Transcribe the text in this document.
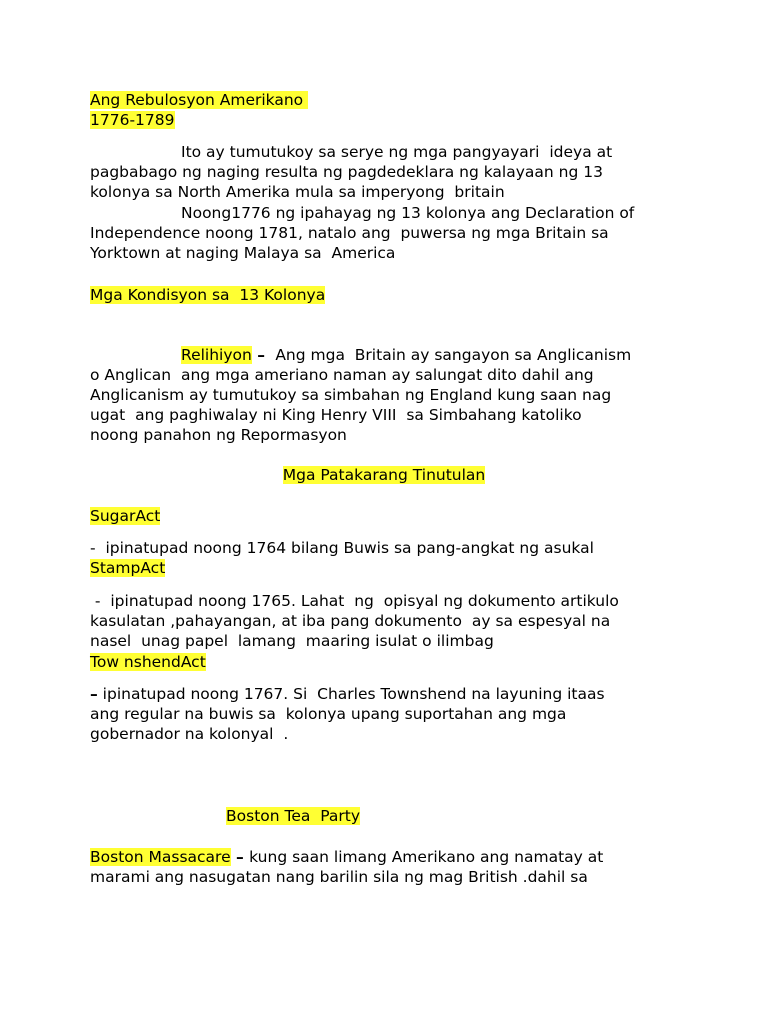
Ang Rebulosyon Amerikano
1776-1789
Ito ay tumutukoy sa serye ng mga pangyayari  ideya at
pagbabago ng naging resulta ng pagdedeklara ng kalayaan ng 13
kolonya sa North Amerika mula sa imperyong  britain
Noong1776 ng ipahayag ng 13 kolonya ang Declaration of
Independence noong 1781, natalo ang  puwersa ng mga Britain sa
Yorktown at naging Malaya sa  America
Mga Kondisyon sa  13 Kolonya
Relihiyon –  Ang mga  Britain ay sangayon sa Anglicanism
o Anglican  ang mga ameriano naman ay salungat dito dahil ang
Anglicanism ay tumutukoy sa simbahan ng England kung saan nag
ugat  ang paghiwalay ni King Henry VIII  sa Simbahang katoliko
noong panahon ng Repormasyon
Mga Patakarang Tinutulan
SugarAct
-  ipinatupad noong 1764 bilang Buwis sa pang-angkat ng asukal
StampAct
-  ipinatupad noong 1765. Lahat  ng  opisyal ng dokumento artikulo
kasulatan ,pahayangan, at iba pang dokumento  ay sa espesyal na
nasel  unag papel  lamang  maaring isulat o ilimbag
Tow nshendAct
– ipinatupad noong 1767. Si  Charles Townshend na layuning itaas
ang regular na buwis sa  kolonya upang suportahan ang mga
gobernador na kolonyal  .
Boston Tea  Party
Boston Massacare – kung saan limang Amerikano ang namatay at
marami ang nasugatan nang barilin sila ng mag British .dahil sa
